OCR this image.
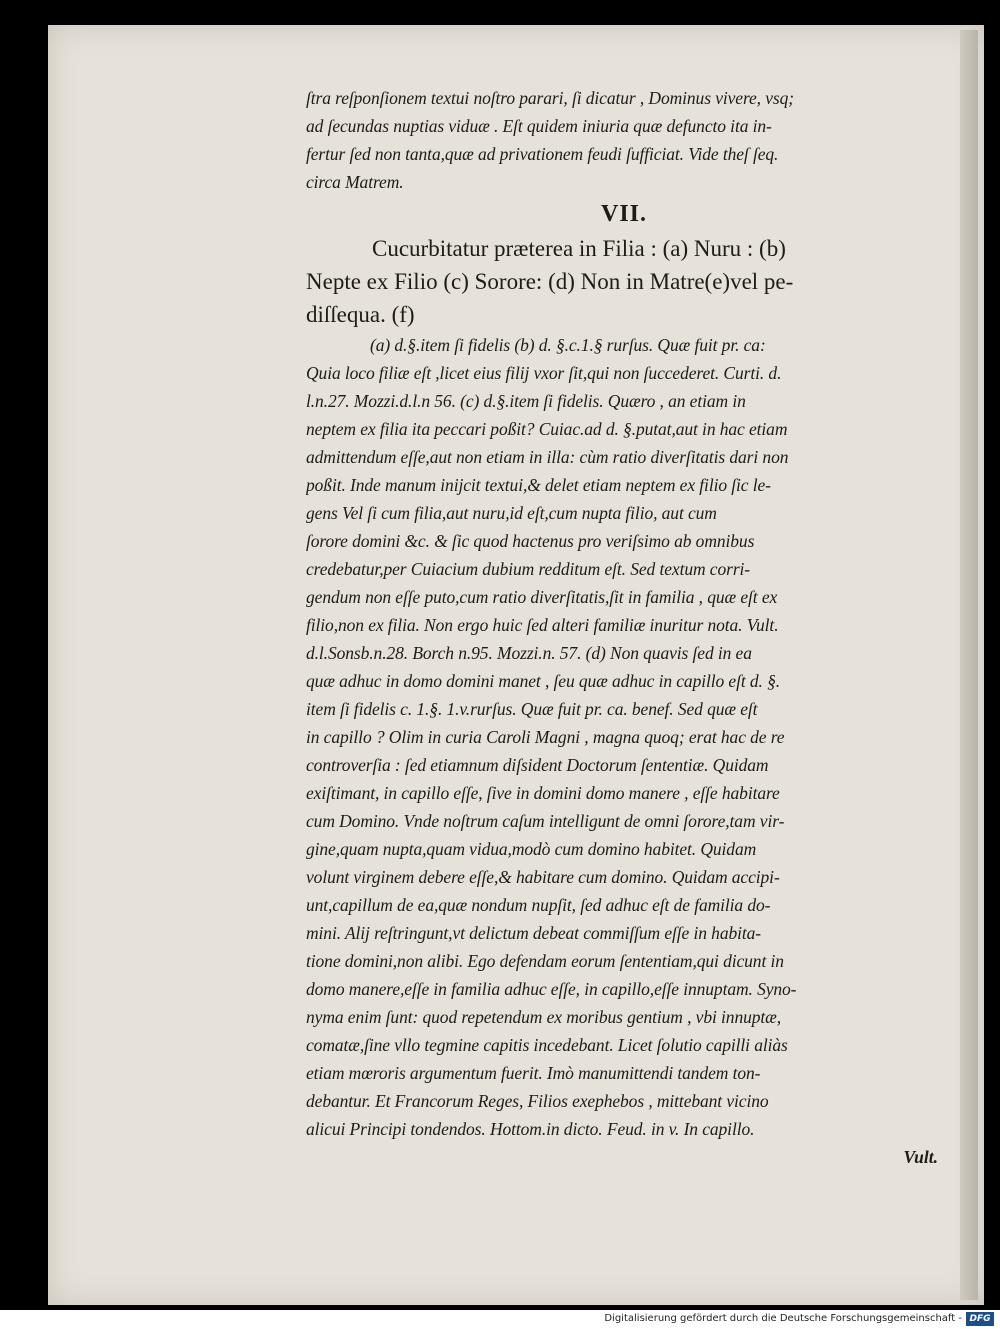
ſtra reſponſionem textui noſtro parari, ſi dicatur , Dominus vivere, vsq;
ad ſecundas nuptias viduæ . Eſt quidem iniuria quæ defuncto ita in-
fertur ſed non tanta,quæ ad privationem feudi ſufficiat. Vide theſ ſeq.
circa Matrem.
VII.
Cucurbitatur præterea in Filia : (a) Nuru : (b)
Nepte ex Filio (c) Sorore: (d) Non in Matre(e)vel pe-
diſſequa. (f)
(a) d.§.item ſi fidelis (b) d. §.c.1.§ rurſus. Quæ fuit pr. ca:
Quia loco filiæ eſt ,licet eius filij vxor ſit,qui non ſuccederet. Curti. d.
l.n.27. Mozzi.d.l.n 56. (c) d.§.item ſi fidelis. Quæro , an etiam in
neptem ex filia ita peccari poßit? Cuiac.ad d. §.putat,aut in hac etiam
admittendum eſſe,aut non etiam in illa: cùm ratio diverſitatis dari non
poßit. Inde manum inijcit textui,& delet etiam neptem ex filio ſic le-
gens Vel ſi cum filia,aut nuru,id eſt,cum nupta filio, aut cum
ſorore domini &c. & ſic quod hactenus pro veriſsimo ab omnibus
credebatur,per Cuiacium dubium redditum eſt. Sed textum corri-
gendum non eſſe puto,cum ratio diverſitatis,ſit in familia , quæ eſt ex
filio,non ex filia. Non ergo huic ſed alteri familiæ inuritur nota. Vult.
d.l.Sonsb.n.28. Borch n.95. Mozzi.n. 57. (d) Non quavis ſed in ea
quæ adhuc in domo domini manet , ſeu quæ adhuc in capillo eſt d. §.
item ſi fidelis c. 1.§. 1.v.rurſus. Quæ fuit pr. ca. benef. Sed quæ eſt
in capillo ? Olim in curia Caroli Magni , magna quoq; erat hac de re
controverſia : ſed etiamnum diſsident Doctorum ſententiæ. Quidam
exiſtimant, in capillo eſſe, ſive in domini domo manere , eſſe habitare
cum Domino. Vnde noſtrum caſum intelligunt de omni ſorore,tam vir-
gine,quam nupta,quam vidua,modò cum domino habitet. Quidam
volunt virginem debere eſſe,& habitare cum domino. Quidam accipi-
unt,capillum de ea,quæ nondum nupſit, ſed adhuc eſt de familia do-
mini. Alij reſtringunt,vt delictum debeat commiſſum eſſe in habita-
tione domini,non alibi. Ego defendam eorum ſententiam,qui dicunt in
domo manere,eſſe in familia adhuc eſſe, in capillo,eſſe innuptam. Syno-
nyma enim ſunt: quod repetendum ex moribus gentium , vbi innuptæ,
comatæ,ſine vllo tegmine capitis incedebant. Licet ſolutio capilli aliàs
etiam mœroris argumentum fuerit. Imò manumittendi tandem ton-
debantur. Et Francorum Reges, Filios exephebos , mittebant vicino
alicui Principi tondendos. Hottom.in dicto. Feud. in v. In capillo.
Vult.
Digitalisierung gefördert durch die Deutsche Forschungsgemeinschaft - DFG
